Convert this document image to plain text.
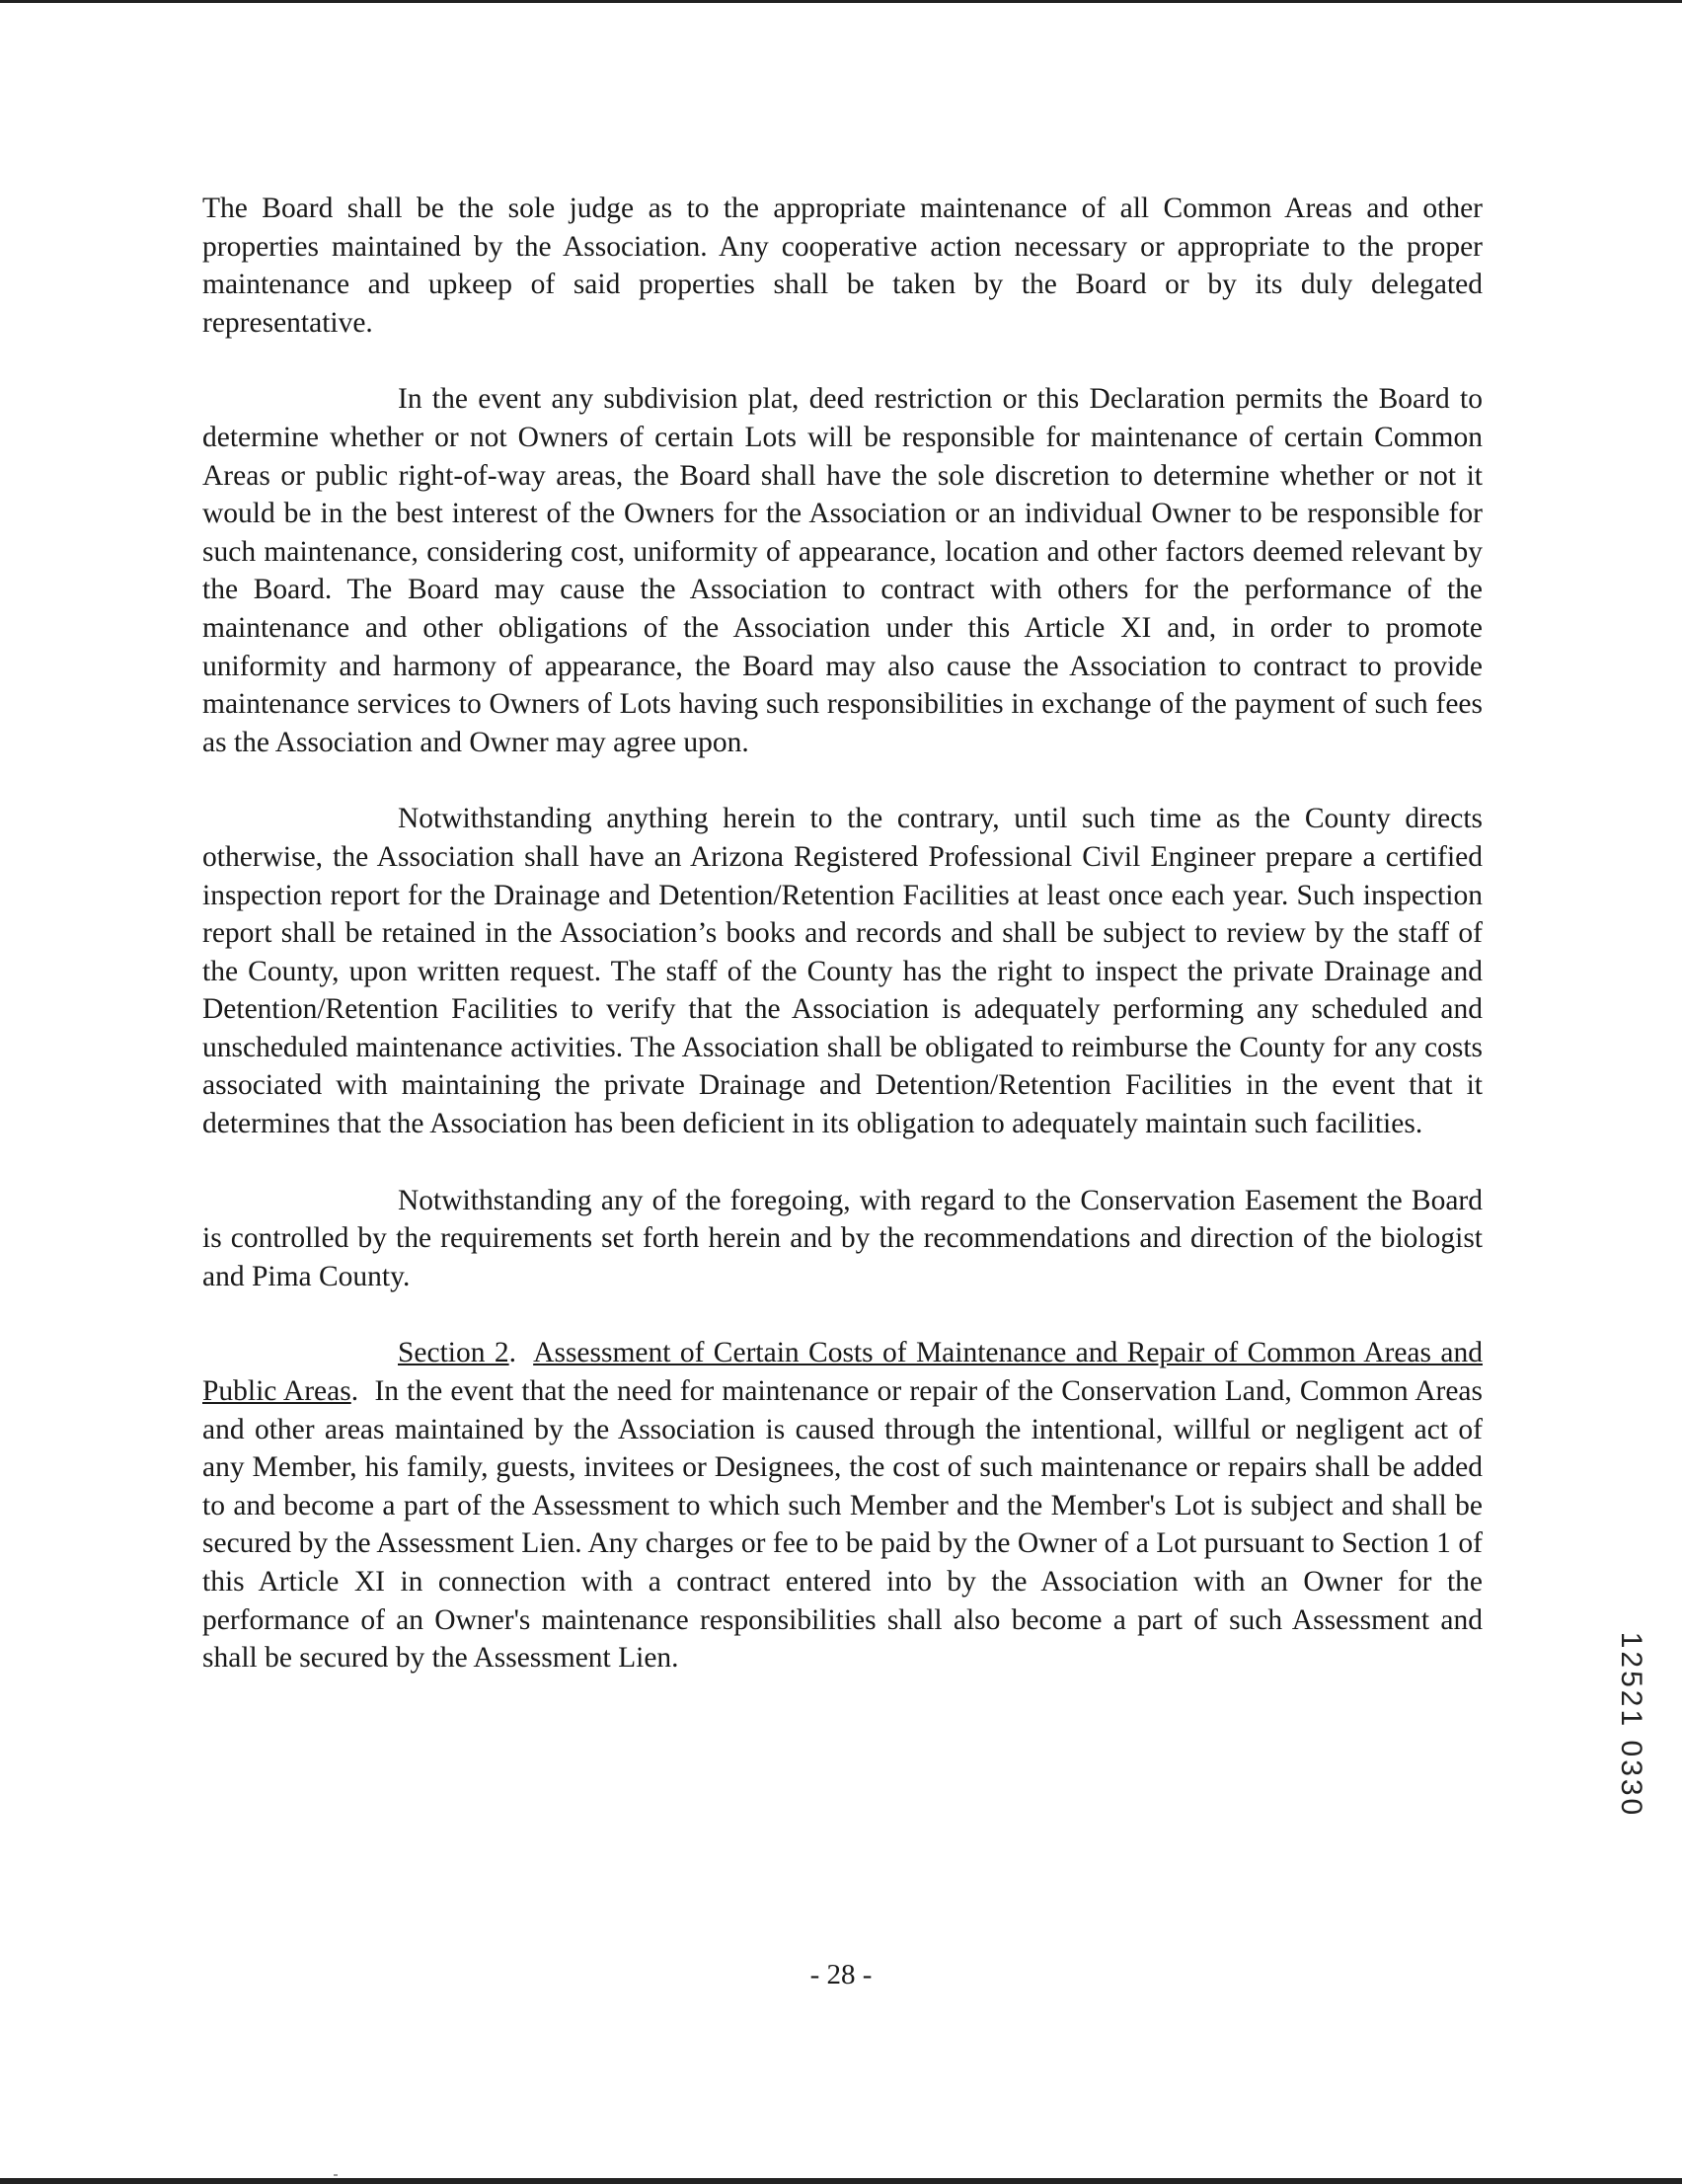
The Board shall be the sole judge as to the appropriate maintenance of all Common Areas and other properties maintained by the Association. Any cooperative action necessary or appropriate to the proper maintenance and upkeep of said properties shall be taken by the Board or by its duly delegated representative.

In the event any subdivision plat, deed restriction or this Declaration permits the Board to determine whether or not Owners of certain Lots will be responsible for maintenance of certain Common Areas or public right-of-way areas, the Board shall have the sole discretion to determine whether or not it would be in the best interest of the Owners for the Association or an individual Owner to be responsible for such maintenance, considering cost, uniformity of appearance, location and other factors deemed relevant by the Board. The Board may cause the Association to contract with others for the performance of the maintenance and other obligations of the Association under this Article XI and, in order to promote uniformity and harmony of appearance, the Board may also cause the Association to contract to provide maintenance services to Owners of Lots having such responsibilities in exchange of the payment of such fees as the Association and Owner may agree upon.

Notwithstanding anything herein to the contrary, until such time as the County directs otherwise, the Association shall have an Arizona Registered Professional Civil Engineer prepare a certified inspection report for the Drainage and Detention/Retention Facilities at least once each year. Such inspection report shall be retained in the Association’s books and records and shall be subject to review by the staff of the County, upon written request. The staff of the County has the right to inspect the private Drainage and Detention/Retention Facilities to verify that the Association is adequately performing any scheduled and unscheduled maintenance activities. The Association shall be obligated to reimburse the County for any costs associated with maintaining the private Drainage and Detention/Retention Facilities in the event that it determines that the Association has been deficient in its obligation to adequately maintain such facilities.

Notwithstanding any of the foregoing, with regard to the Conservation Easement the Board is controlled by the requirements set forth herein and by the recommendations and direction of the biologist and Pima County.

Section 2.  Assessment of Certain Costs of Maintenance and Repair of Common Areas and Public Areas.  In the event that the need for maintenance or repair of the Conservation Land, Common Areas and other areas maintained by the Association is caused through the intentional, willful or negligent act of any Member, his family, guests, invitees or Designees, the cost of such maintenance or repairs shall be added to and become a part of the Assessment to which such Member and the Member's Lot is subject and shall be secured by the Assessment Lien. Any charges or fee to be paid by the Owner of a Lot pursuant to Section 1 of this Article XI in connection with a contract entered into by the Association with an Owner for the performance of an Owner's maintenance responsibilities shall also become a part of such Assessment and shall be secured by the Assessment Lien.	12521 0330
- 28 -
